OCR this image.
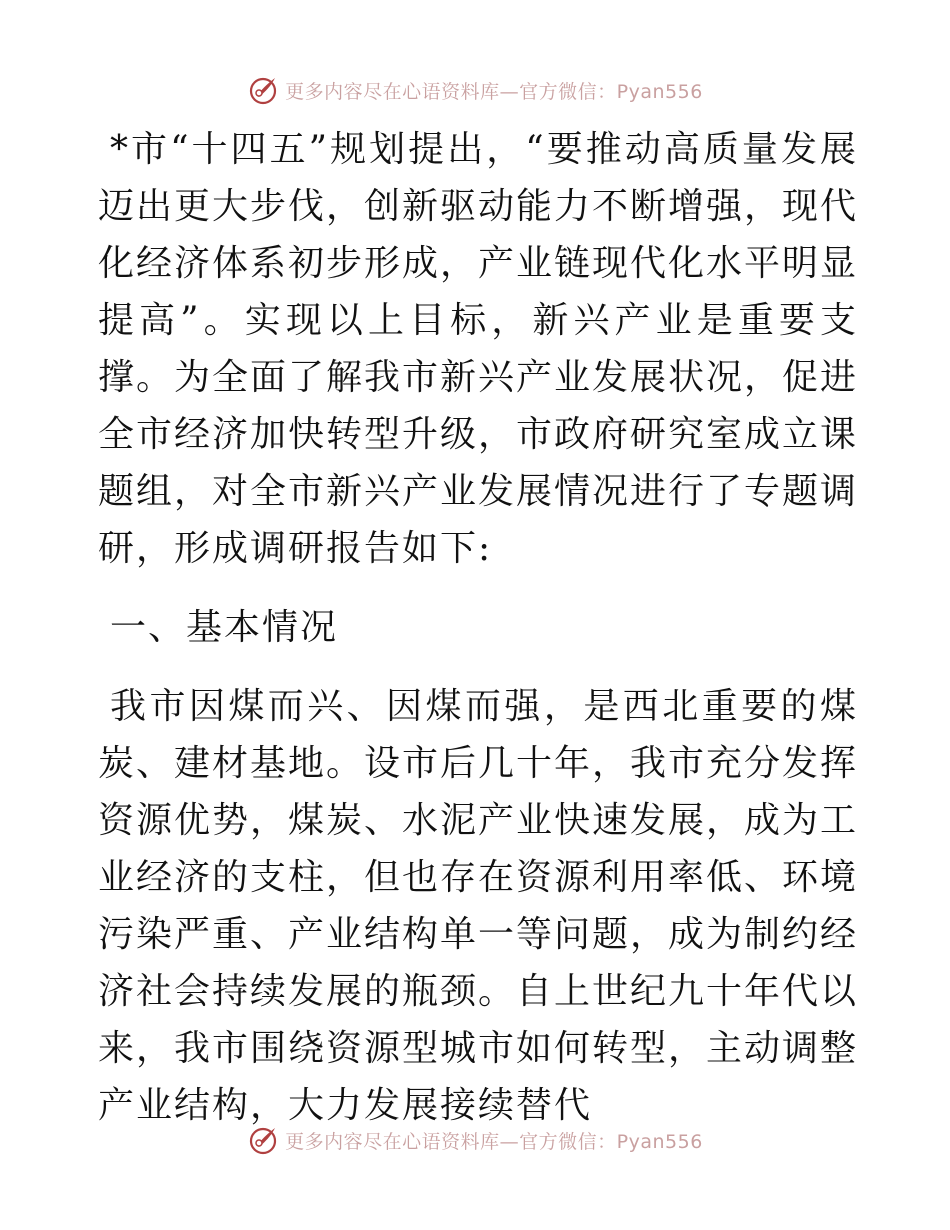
更多内容尽在心语资料库—官方微信：Pyan556

*市“十四五”规划提出，“要推动高质量发展迈出更大步伐，创新驱动能力不断增强，现代化经济体系初步形成，产业链现代化水平明显提高”。实现以上目标，新兴产业是重要支撑。为全面了解我市新兴产业发展状况，促进全市经济加快转型升级，市政府研究室成立课题组，对全市新兴产业发展情况进行了专题调研，形成调研报告如下:

一、基本情况

我市因煤而兴、因煤而强，是西北重要的煤炭、建材基地。设市后几十年，我市充分发挥资源优势，煤炭、水泥产业快速发展，成为工业经济的支柱，但也存在资源利用率低、环境污染严重、产业结构单一等问题，成为制约经济社会持续发展的瓶颈。自上世纪九十年代以来，我市围绕资源型城市如何转型，主动调整产业结构，大力发展接续替代

更多内容尽在心语资料库—官方微信：Pyan556
